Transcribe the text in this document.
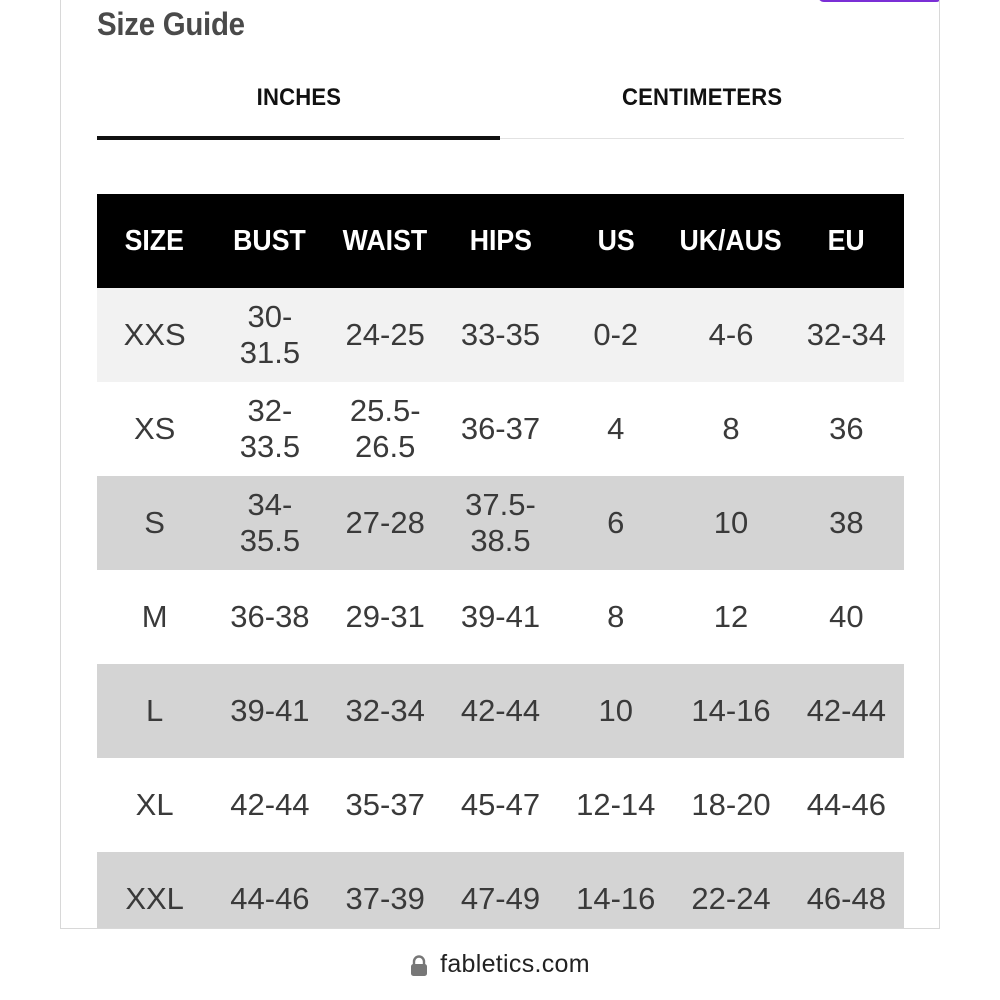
Size Guide
INCHES	CENTIMETERS
SIZE	BUST	WAIST	HIPS	US	UK/AUS	EU
XXS	30-31.5	24-25	33-35	0-2	4-6	32-34
XS	32-33.5	25.5-26.5	36-37	4	8	36
S	34-35.5	27-28	37.5-38.5	6	10	38
M	36-38	29-31	39-41	8	12	40
L	39-41	32-34	42-44	10	14-16	42-44
XL	42-44	35-37	45-47	12-14	18-20	44-46
XXL	44-46	37-39	47-49	14-16	22-24	46-48
fabletics.com
